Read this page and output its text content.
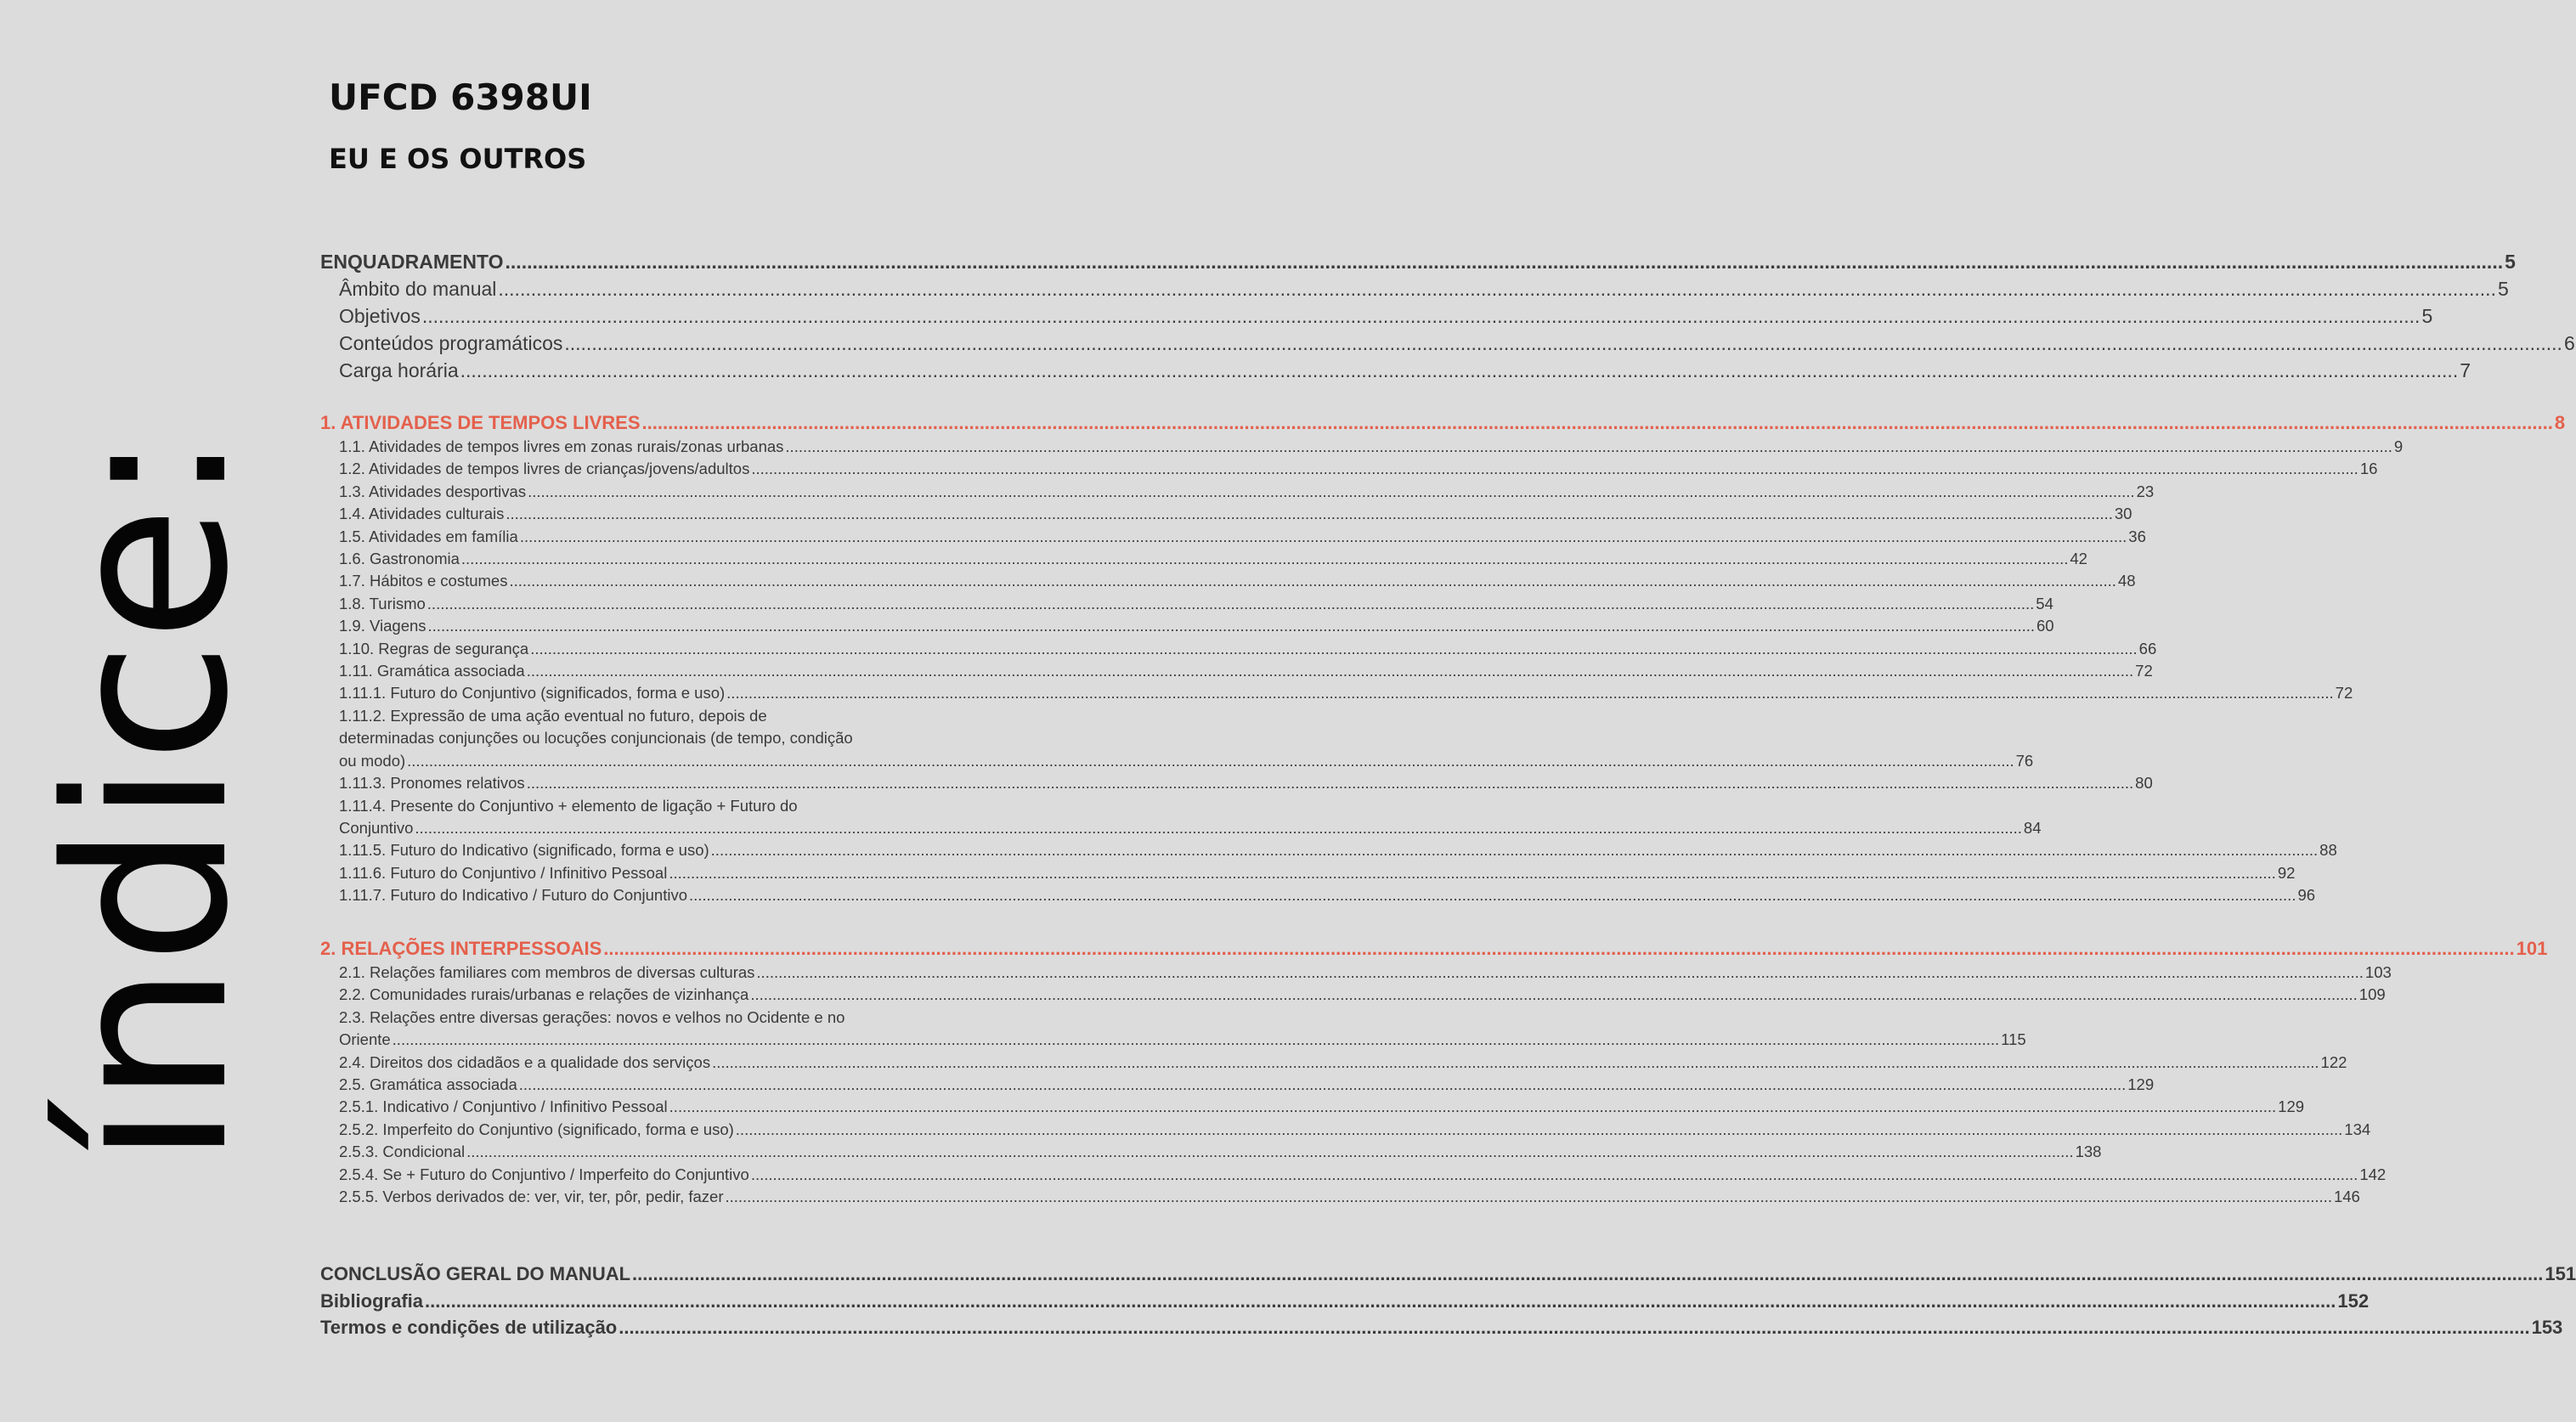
índice:
UFCD 6398UI
EU E OS OUTROS
ENQUADRAMENTO .....	5
Âmbito do manual .....	5
Objetivos .....	5
Conteúdos programáticos .....	6
Carga horária .....	7
1. ATIVIDADES DE TEMPOS LIVRES .....	8
1.1. Atividades de tempos livres em zonas rurais/zonas urbanas .....	9
1.2. Atividades de tempos livres de crianças/jovens/adultos .....	16
1.3. Atividades desportivas .....	23
1.4. Atividades culturais .....	30
1.5. Atividades em família .....	36
1.6. Gastronomia .....	42
1.7. Hábitos e costumes .....	48
1.8. Turismo .....	54
1.9. Viagens .....	60
1.10. Regras de segurança .....	66
1.11. Gramática associada .....	72
1.11.1. Futuro do Conjuntivo (significados, forma e uso) .....	72
1.11.2. Expressão de uma ação eventual no futuro, depois de
determinadas conjunções ou locuções conjuncionais (de tempo, condição
ou modo) .....	76
1.11.3. Pronomes relativos .....	80
1.11.4. Presente do Conjuntivo + elemento de ligação + Futuro do
Conjuntivo .....	84
1.11.5. Futuro do Indicativo (significado, forma e uso) .....	88
1.11.6. Futuro do Conjuntivo / Infinitivo Pessoal .....	92
1.11.7. Futuro do Indicativo / Futuro do Conjuntivo .....	96
2. RELAÇÕES INTERPESSOAIS .....	101
2.1. Relações familiares com membros de diversas culturas .....	103
2.2. Comunidades rurais/urbanas e relações de vizinhança .....	109
2.3. Relações entre diversas gerações: novos e velhos no Ocidente e no
Oriente .....	115
2.4. Direitos dos cidadãos e a qualidade dos serviços .....	122
2.5. Gramática associada .....	129
2.5.1. Indicativo / Conjuntivo / Infinitivo Pessoal .....	129
2.5.2. Imperfeito do Conjuntivo (significado, forma e uso) .....	134
2.5.3. Condicional .....	138
2.5.4. Se + Futuro do Conjuntivo / Imperfeito do Conjuntivo .....	142
2.5.5. Verbos derivados de: ver, vir, ter, pôr, pedir, fazer .....	146
CONCLUSÃO GERAL DO MANUAL .....	151
Bibliografia .....	152
Termos e condições de utilização .....	153
